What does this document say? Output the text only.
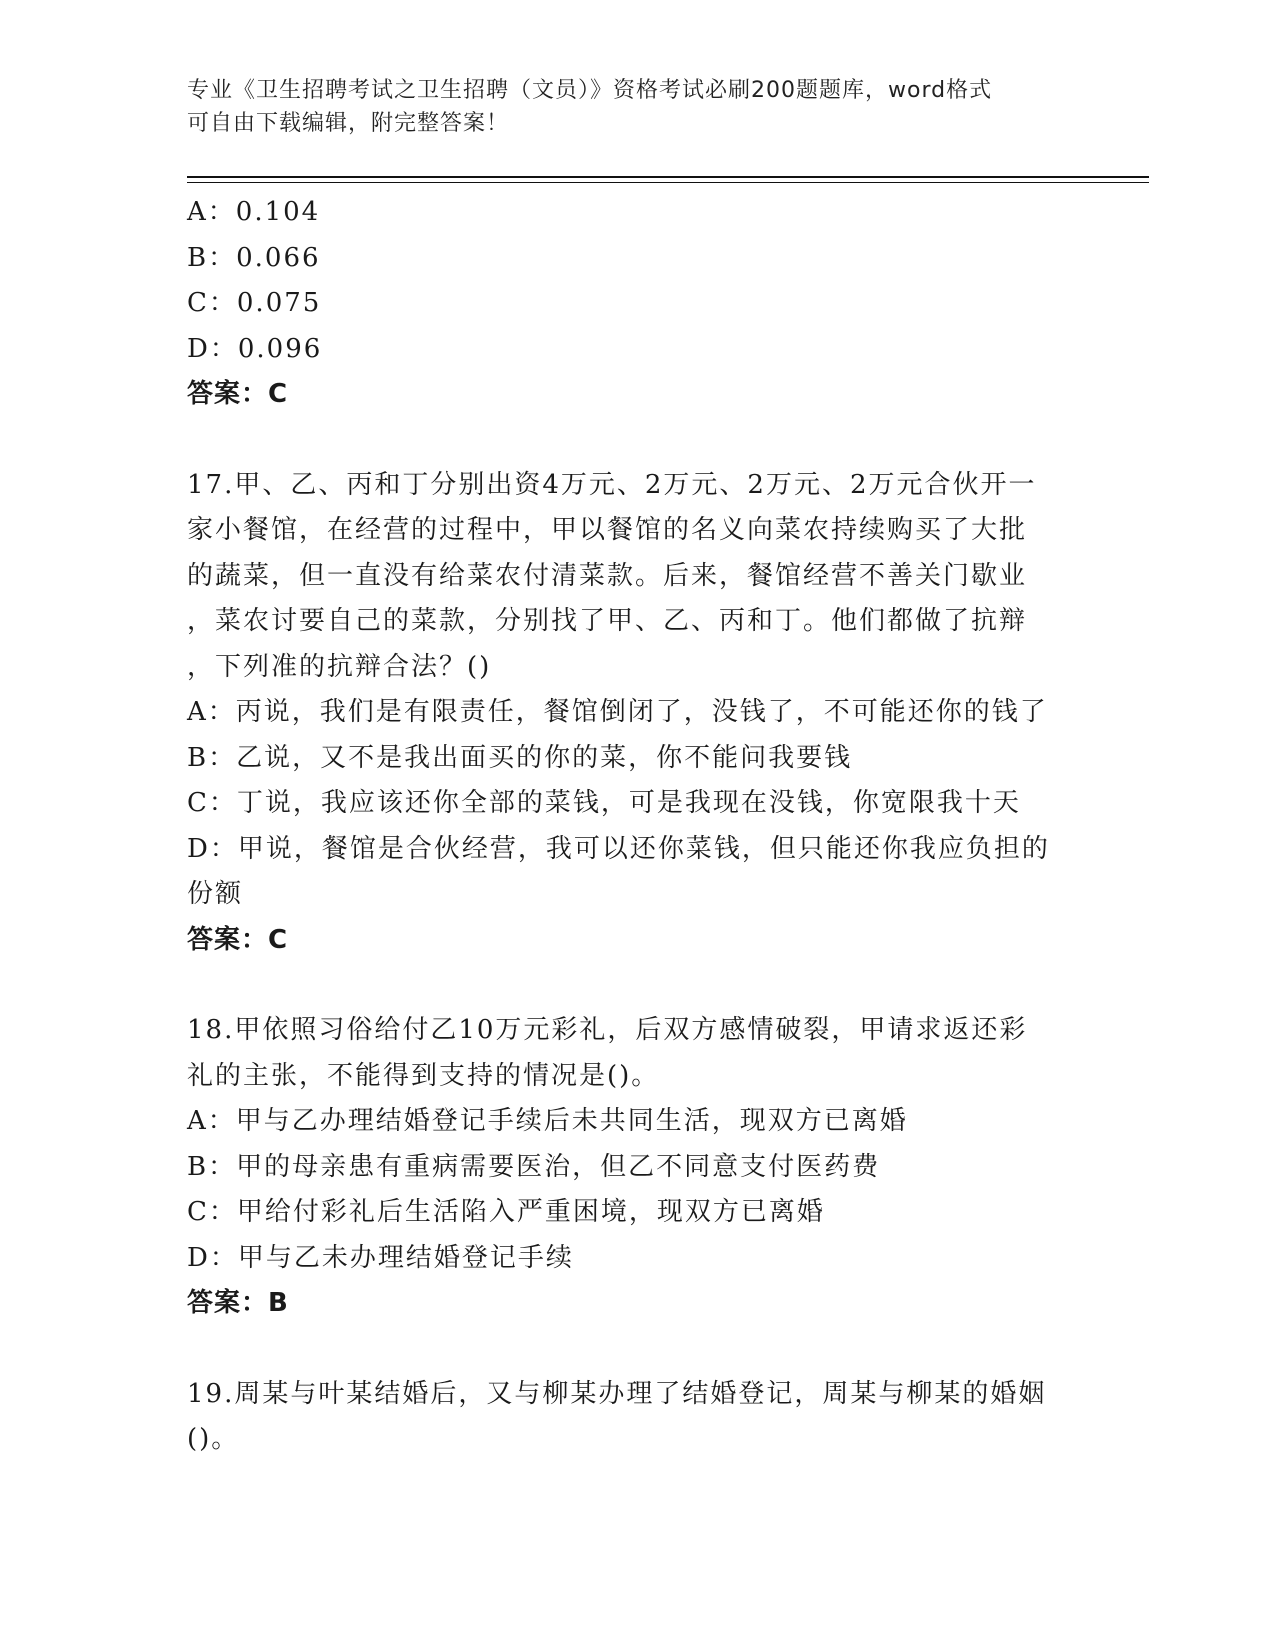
专业《卫生招聘考试之卫生招聘（文员）》资格考试必刷200题题库，word格式
可自由下载编辑，附完整答案！
A：0.104
B：0.066
C：0.075
D：0.096
答案：C
17.甲、乙、丙和丁分别出资4万元、2万元、2万元、2万元合伙开一
家小餐馆，在经营的过程中，甲以餐馆的名义向菜农持续购买了大批
的蔬菜，但一直没有给菜农付清菜款。后来，餐馆经营不善关门歇业
，菜农讨要自己的菜款，分别找了甲、乙、丙和丁。他们都做了抗辩
，下列准的抗辩合法？()
A：丙说，我们是有限责任，餐馆倒闭了，没钱了，不可能还你的钱了
B：乙说，又不是我出面买的你的菜，你不能问我要钱
C：丁说，我应该还你全部的菜钱，可是我现在没钱，你宽限我十天
D：甲说，餐馆是合伙经营，我可以还你菜钱，但只能还你我应负担的
份额
答案：C
18.甲依照习俗给付乙10万元彩礼，后双方感情破裂，甲请求返还彩
礼的主张，不能得到支持的情况是()。
A：甲与乙办理结婚登记手续后未共同生活，现双方已离婚
B：甲的母亲患有重病需要医治，但乙不同意支付医药费
C：甲给付彩礼后生活陷入严重困境，现双方已离婚
D：甲与乙未办理结婚登记手续
答案：B
19.周某与叶某结婚后，又与柳某办理了结婚登记，周某与柳某的婚姻
()。
